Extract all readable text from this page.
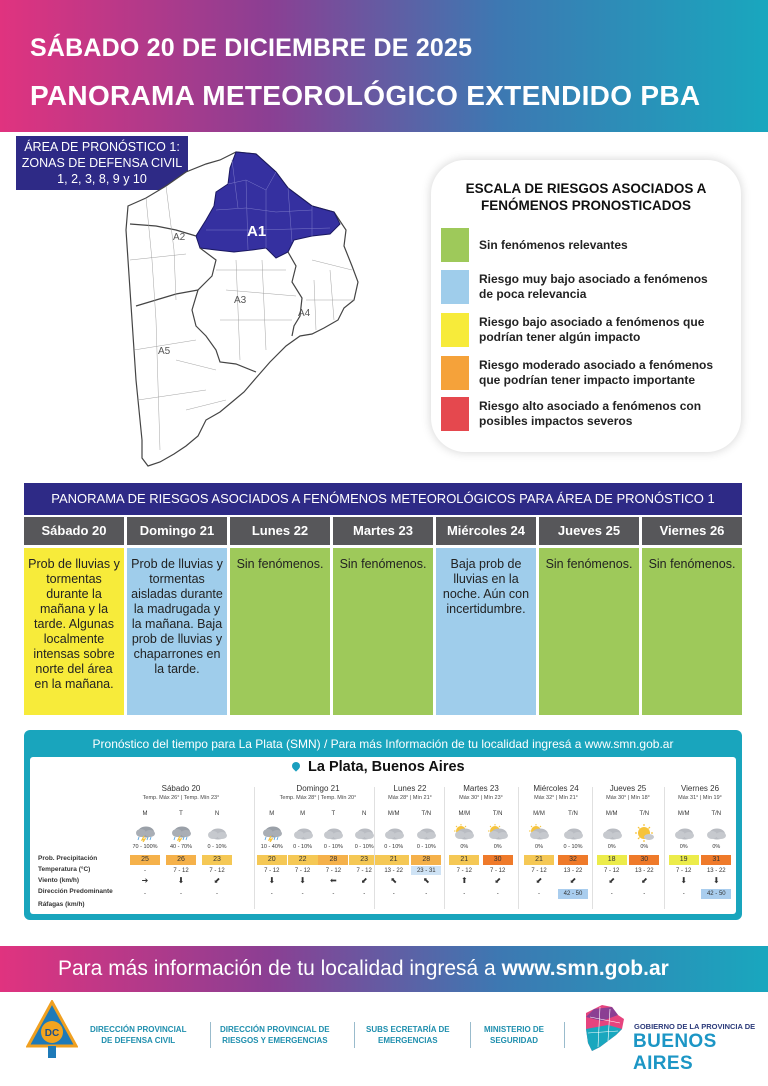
SÁBADO 20 DE DICIEMBRE DE 2025
PANORAMA METEOROLÓGICO EXTENDIDO PBA
ÁREA DE PRONÓSTICO 1:
ZONAS DE DEFENSA CIVIL
1, 2, 3, 8, 9 y 10
A1
A2
A3
A4
A5
ESCALA DE RIESGOS ASOCIADOS A
FENÓMENOS PRONOSTICADOS
Sin fenómenos relevantes
Riesgo muy bajo asociado a fenómenos
de poca relevancia
Riesgo bajo asociado a fenómenos que
podrían tener algún impacto
Riesgo moderado asociado a fenómenos
que podrían tener impacto importante
Riesgo alto asociado a fenómenos con
posibles impactos severos
PANORAMA DE RIESGOS ASOCIADOS A FENÓMENOS METEOROLÓGICOS PARA ÁREA DE PRONÓSTICO 1
Sábado 20
Prob de lluvias y tormentas durante la mañana y la tarde. Algunas localmente intensas sobre norte del área en la mañana.
Domingo 21
Prob de lluvias y tormentas aisladas durante la madrugada y la mañana. Baja prob de lluvias y chaparrones en la tarde.
Lunes 22
Sin fenómenos.
Martes 23
Sin fenómenos.
Miércoles 24
Baja prob de lluvias en la noche. Aún con incertidumbre.
Jueves 25
Sin fenómenos.
Viernes 26
Sin fenómenos.
Pronóstico del tiempo para La Plata (SMN) / Para más Información de tu localidad ingresá a www.smn.gob.ar
La Plata, Buenos Aires
Prob. Precipitación
Temperatura (°C)
Viento (km/h)
Dirección Predominante
Ráfagas (km/h)
Sábado 20
Temp. Máx 26° | Temp. Mín 23°
M
70 - 100%
25
-
➔
-
T
40 - 70%
26
7 - 12
⬇
-
N
0 - 10%
23
7 - 12
⬋
-
Domingo 21
Temp. Máx 28° | Temp. Mín 20°
M
10 - 40%
20
7 - 12
⬇
-
M
0 - 10%
22
7 - 12
⬇
-
T
0 - 10%
28
7 - 12
⬅
-
N
0 - 10%
23
7 - 12
⬋
-
Lunes 22
Máx 28° | Mín 21°
M/M
0 - 10%
21
13 - 22
⬉
-
T/N
0 - 10%
28
23 - 31
⬉
-
Martes 23
Máx 30° | Mín 23°
M/M
0%
21
7 - 12
⬆
-
T/N
0%
30
7 - 12
⬋
-
Miércoles 24
Máx 32° | Mín 21°
M/M
0%
21
7 - 12
⬋
-
T/N
0 - 10%
32
13 - 22
⬋
42 - 50
Jueves 25
Máx 30° | Mín 18°
M/M
0%
18
7 - 12
⬋
-
T/N
0%
30
13 - 22
⬋
-
Viernes 26
Máx 31° | Mín 19°
M/M
0%
19
7 - 12
⬇
-
T/N
0%
31
13 - 22
⬇
42 - 50
Para más información de tu localidad ingresá a www.smn.gob.ar
DC	DIRECCIÓN PROVINCIAL
DE DEFENSA CIVIL
DIRECCIÓN PROVINCIAL DE
RIESGOS Y EMERGENCIAS
SUBS ECRETARÍA DE
EMERGENCIAS
MINISTERIO DE
SEGURIDAD
GOBIERNO DE LA PROVINCIA DE
BUENOS AIRES
